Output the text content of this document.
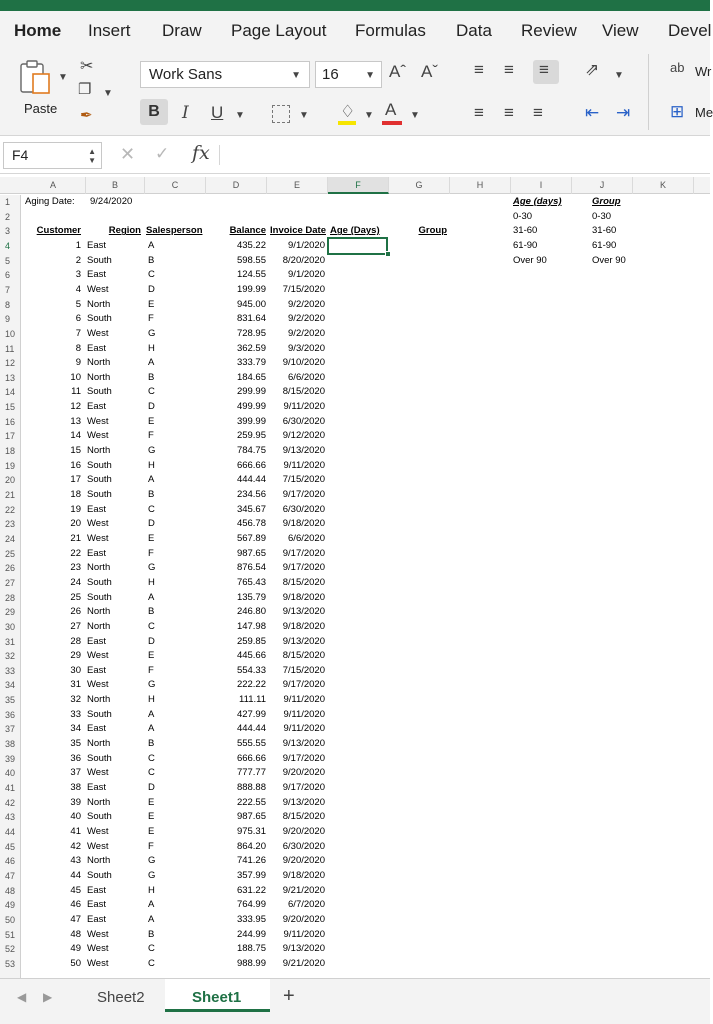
Home Insert Draw Page Layout Formulas Data Review View Devel
▼
Paste
✂
❐ ▼
✒
Work Sans	▼	16	▼ Aˆ Aˇ
B	I U ▼	▼ ♢ ▼ A ▼
≡ ≡ ≡ ⇗ ▼
≡ ≡ ≡ ⇤ ⇥
ab Wr
⊞ Me
F4	▲
▼ ✕ ✓ fx
A	B	C	D	E	F	G	H	I	J	K
1
2
3
4
5
6
7
8
9
10
11
12
13
14
15
16
17
18
19
20
21
22
23
24
25
26
27
28
29
30
31
32
33
34
35
36
37
38
39
40
41
42
43
44
45
46
47
48
49
50
51
52
53
Aging Date:	9/24/2020	Age (days)	Group
0-30	0-30
Customer	Region Salesperson	Balance Invoice Date Age (Days)	Group	31-60	31-60
1 East	A	435.22	9/1/2020	61-90	61-90
2 South	B	598.55	8/20/2020	Over 90	Over 90
3 East	C	124.55	9/1/2020
4 West	D	199.99	7/15/2020
5 North	E	945.00	9/2/2020
6 South	F	831.64	9/2/2020
7 West	G	728.95	9/2/2020
8 East	H	362.59	9/3/2020
9 North	A	333.79	9/10/2020
10 North	B	184.65	6/6/2020
11 South	C	299.99	8/15/2020
12 East	D	499.99	9/11/2020
13 West	E	399.99	6/30/2020
14 West	F	259.95	9/12/2020
15 North	G	784.75	9/13/2020
16 South	H	666.66	9/11/2020
17 South	A	444.44	7/15/2020
18 South	B	234.56	9/17/2020
19 East	C	345.67	6/30/2020
20 West	D	456.78	9/18/2020
21 West	E	567.89	6/6/2020
22 East	F	987.65	9/17/2020
23 North	G	876.54	9/17/2020
24 South	H	765.43	8/15/2020
25 South	A	135.79	9/18/2020
26 North	B	246.80	9/13/2020
27 North	C	147.98	9/18/2020
28 East	D	259.85	9/13/2020
29 West	E	445.66	8/15/2020
30 East	F	554.33	7/15/2020
31 West	G	222.22	9/17/2020
32 North	H	111.11	9/11/2020
33 South	A	427.99	9/11/2020
34 East	A	444.44	9/11/2020
35 North	B	555.55	9/13/2020
36 South	C	666.66	9/17/2020
37 West	C	777.77	9/20/2020
38 East	D	888.88	9/17/2020
39 North	E	222.55	9/13/2020
40 South	E	987.65	8/15/2020
41 West	E	975.31	9/20/2020
42 West	F	864.20	6/30/2020
43 North	G	741.26	9/20/2020
44 South	G	357.99	9/18/2020
45 East	H	631.22	9/21/2020
46 East	A	764.99	6/7/2020
47 East	A	333.95	9/20/2020
48 West	B	244.99	9/11/2020
49 West	C	188.75	9/13/2020
50 West	C	988.99	9/21/2020
◀ ▶	Sheet2	Sheet1 +
